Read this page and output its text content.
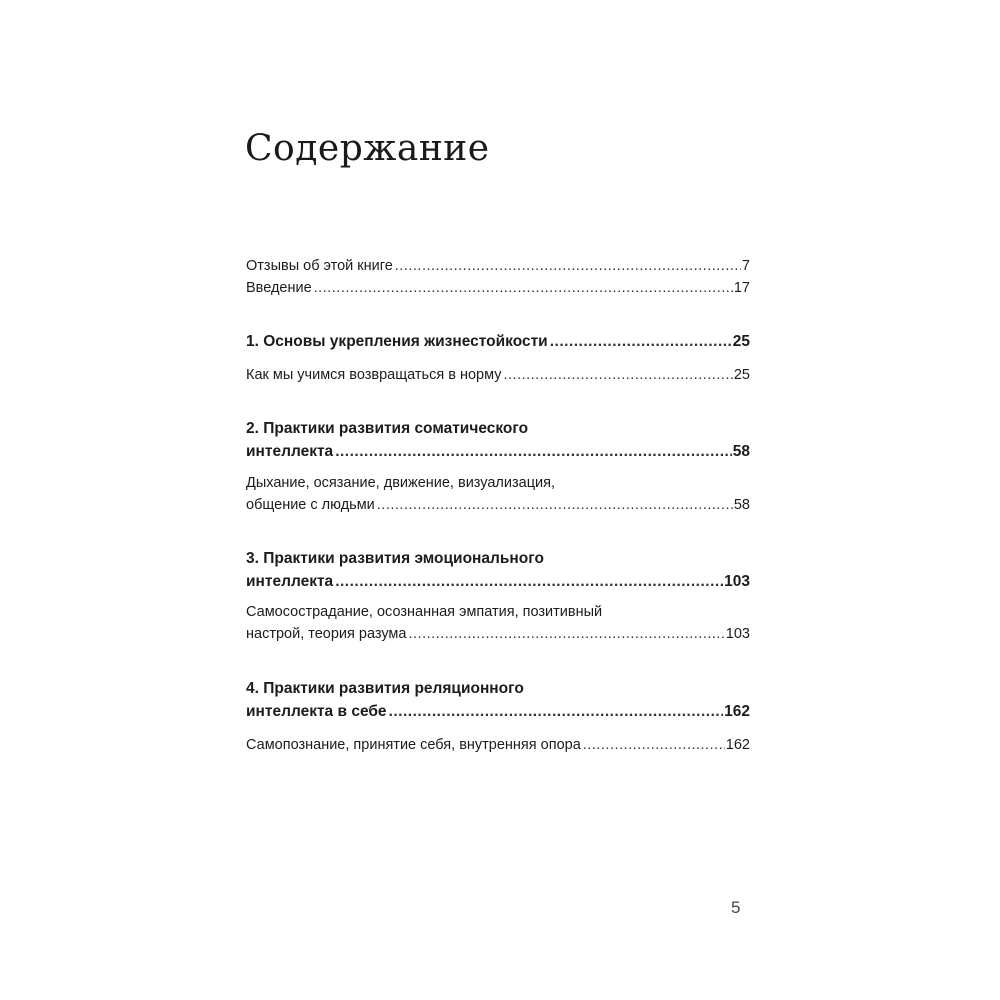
Содержание
Отзывы об этой книге .....	7
Введение .....	17
1. Основы укрепления жизнестойкости .....	25
Как мы учимся возвращаться в норму .....	25
2. Практики развития соматического
интеллекта .....	58
Дыхание, осязание, движение, визуализация,
общение с людьми .....	58
3. Практики развития эмоционального
интеллекта .....	103
Самосострадание, осознанная эмпатия, позитивный
настрой, теория разума .....	103
4. Практики развития реляционного
интеллекта в себе .....	162
Самопознание, принятие себя, внутренняя опора .....	162
5
